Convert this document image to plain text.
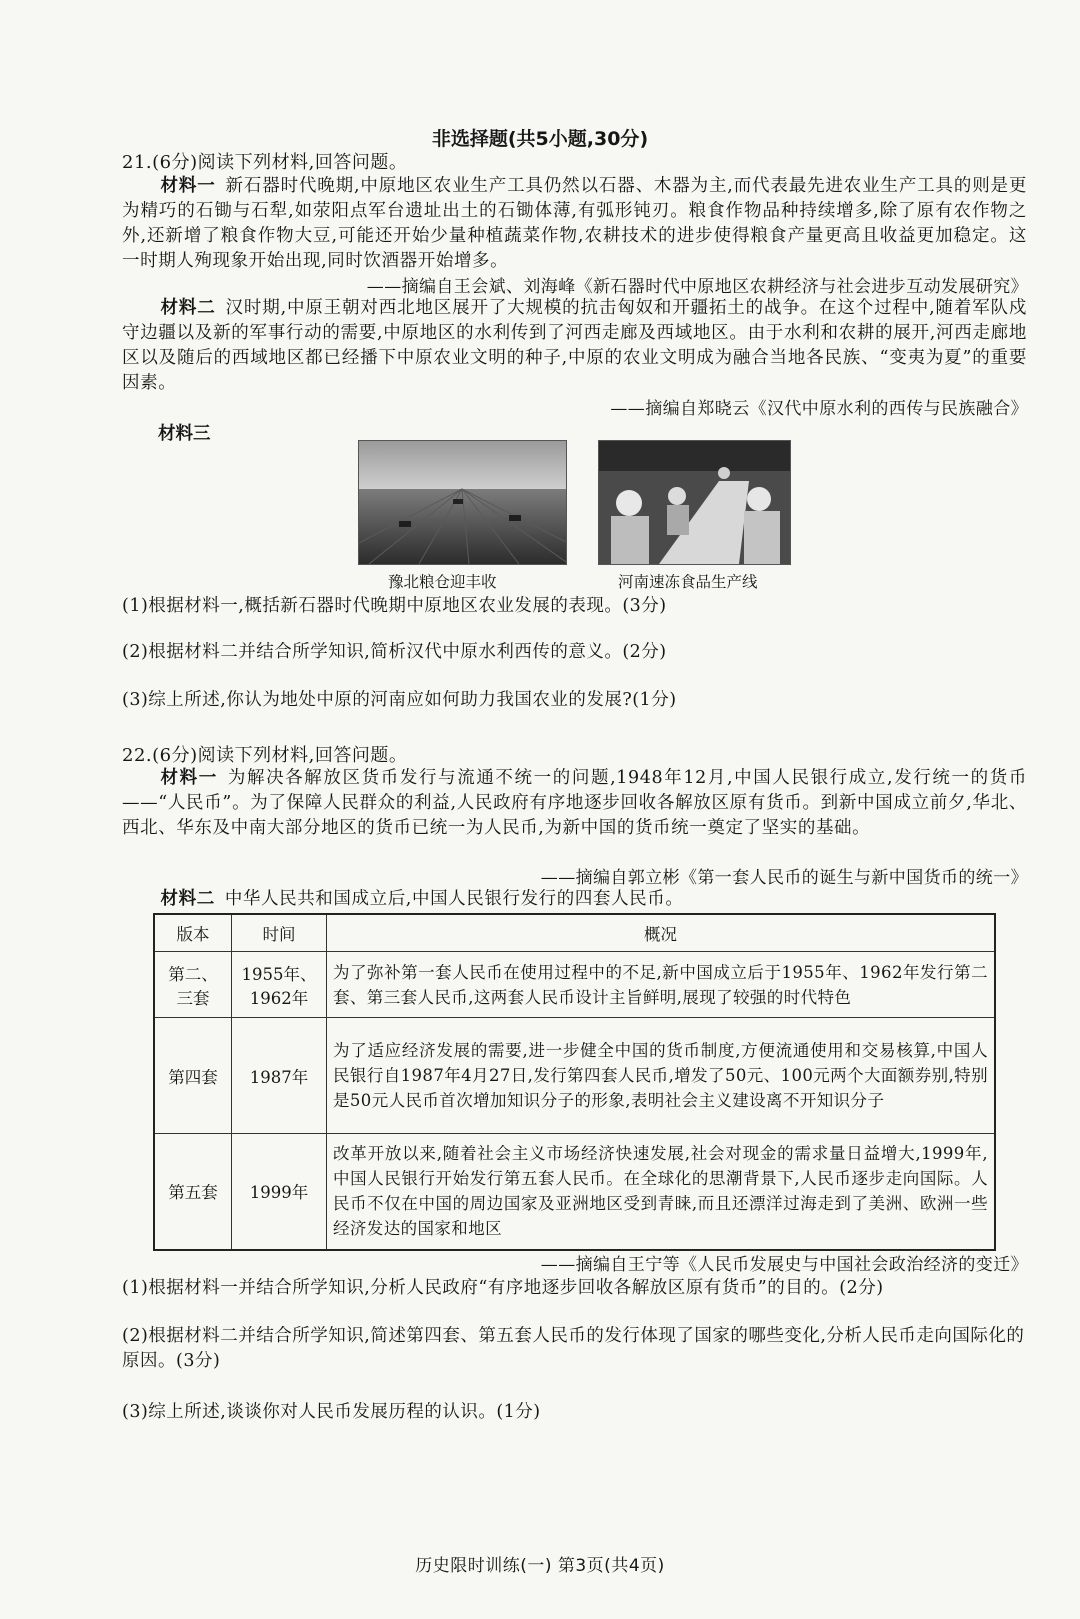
非选择题(共5小题,30分)
21.(6分)阅读下列材料,回答问题。

材料一 新石器时代晚期,中原地区农业生产工具仍然以石器、木器为主,而代表最先进农业生产工具的则是更为精巧的石锄与石犁,如荥阳点军台遗址出土的石锄体薄,有弧形钝刃。粮食作物品种持续增多,除了原有农作物之外,还新增了粮食作物大豆,可能还开始少量种植蔬菜作物,农耕技术的进步使得粮食产量更高且收益更加稳定。这一时期人殉现象开始出现,同时饮酒器开始增多。

——摘编自王会斌、刘海峰《新石器时代中原地区农耕经济与社会进步互动发展研究》

材料二 汉时期,中原王朝对西北地区展开了大规模的抗击匈奴和开疆拓土的战争。在这个过程中,随着军队戍守边疆以及新的军事行动的需要,中原地区的水利传到了河西走廊及西域地区。由于水利和农耕的展开,河西走廊地区以及随后的西域地区都已经播下中原农业文明的种子,中原的农业文明成为融合当地各民族、“变夷为夏”的重要因素。

——摘编自郑晓云《汉代中原水利的西传与民族融合》
材料三
豫北粮仓迎丰收	河南速冻食品生产线
(1)根据材料一,概括新石器时代晚期中原地区农业发展的表现。(3分)
(2)根据材料二并结合所学知识,简析汉代中原水利西传的意义。(2分)
(3)综上所述,你认为地处中原的河南应如何助力我国农业的发展?(1分)
22.(6分)阅读下列材料,回答问题。

材料一 为解决各解放区货币发行与流通不统一的问题,1948年12月,中国人民银行成立,发行统一的货币——“人民币”。为了保障人民群众的利益,人民政府有序地逐步回收各解放区原有货币。到新中国成立前夕,华北、西北、华东及中南大部分地区的货币已统一为人民币,为新中国的货币统一奠定了坚实的基础。

——摘编自郭立彬《第一套人民币的诞生与新中国货币的统一》

材料二 中华人民共和国成立后,中国人民银行发行的四套人民币。

版本	时间	概况
第二、三套	1955年、1962年	为了弥补第一套人民币在使用过程中的不足,新中国成立后于1955年、1962年发行第二套、第三套人民币,这两套人民币设计主旨鲜明,展现了较强的时代特色
第四套	1987年	为了适应经济发展的需要,进一步健全中国的货币制度,方便流通使用和交易核算,中国人民银行自1987年4月27日,发行第四套人民币,增发了50元、100元两个大面额券别,特别是50元人民币首次增加知识分子的形象,表明社会主义建设离不开知识分子
第五套	1999年	改革开放以来,随着社会主义市场经济快速发展,社会对现金的需求量日益增大,1999年,中国人民银行开始发行第五套人民币。在全球化的思潮背景下,人民币逐步走向国际。人民币不仅在中国的周边国家及亚洲地区受到青睐,而且还漂洋过海走到了美洲、欧洲一些经济发达的国家和地区
——摘编自王宁等《人民币发展史与中国社会政治经济的变迁》
(1)根据材料一并结合所学知识,分析人民政府“有序地逐步回收各解放区原有货币”的目的。(2分)
(2)根据材料二并结合所学知识,简述第四套、第五套人民币的发行体现了国家的哪些变化,分析人民币走向国际化的原因。(3分)
(3)综上所述,谈谈你对人民币发展历程的认识。(1分)
历史限时训练(一) 第3页(共4页)
